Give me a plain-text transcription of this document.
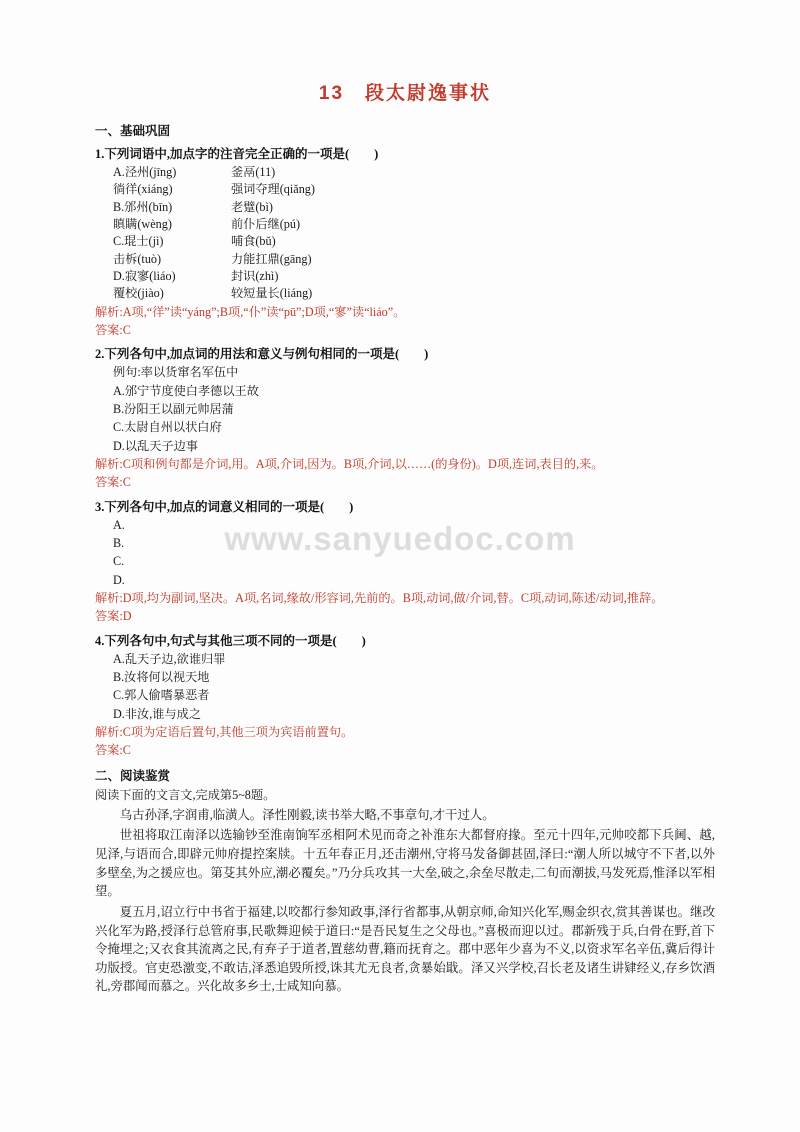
www.sanyuedoc.com
13　段太尉逸事状
一、基础巩固
1.下列词语中,加点字的注音完全正确的一项是(　　)
A.泾州(jīng)	釜鬲(11)
徜徉(xiáng)	强词夺理(qiǎng)
B.邠州(bīn)	老躄(bì)
瞋瞒(wèng)	前仆后继(pú)
C.琨士(jì)	哺食(bǔ)
击柝(tuò)	力能扛鼎(gāng)
D.寂寥(liáo)	封识(zhì)
覆校(jiào)	较短量长(liáng)
解析:A项,“徉”读“yáng”;B项,“仆”读“pū”;D项,“寥”读“liáo”。
答案:C
2.下列各句中,加点词的用法和意义与例句相同的一项是(　　)
例句:率以货窜名军伍中
A.邠宁节度使白孝德以王故
B.汾阳王以副元帅居蒲
C.太尉自州以状白府
D.以乱天子边事
解析:C项和例句都是介词,用。A项,介词,因为。B项,介词,以……(的身份)。D项,连词,表目的,来。
答案:C
3.下列各句中,加点的词意义相同的一项是(　　)
A.
B.
C.
D.
解析:D项,均为副词,坚决。A项,名词,缘故/形容词,先前的。B项,动词,做/介词,替。C项,动词,陈述/动词,推辞。
答案:D
4.下列各句中,句式与其他三项不同的一项是(　　)
A.乱天子边,欲谁归罪
B.汝将何以视天地
C.郭人偷嗜暴恶者
D.非汝,谁与成之
解析:C项为定语后置句,其他三项为宾语前置句。
答案:C
二、阅读鉴赏
阅读下面的文言文,完成第5~8题。
乌古孙泽,字润甫,临潢人。泽性刚毅,读书举大略,不事章句,才干过人。
世祖将取江南泽以选输钞至淮南饷军丞相阿术见而奇之补淮东大都督府掾。至元十四年,元帅咬都下兵阃、越,见泽,与语而合,即辟元帅府提控案牍。十五年春正月,还击潮州,守将马发备御甚固,泽曰:“潮人所以城守不下者,以外多壁垒,为之援应也。第芟其外应,潮必覆矣。”乃分兵攻其一大垒,破之,余垒尽散走,二旬而潮拔,马发死焉,惟泽以军相望。
夏五月,诏立行中书省于福建,以咬都行参知政事,泽行省都事,从朝京师,命知兴化军,赐金织衣,赏其善谋也。继改兴化军为路,授泽行总管府事,民歌舞迎候于道曰:“是吾民复生之父母也。”喜极而迎以过。郡新残于兵,白骨在野,首下令掩埋之;又衣食其流离之民,有弃子于道者,置慈幼曹,籍而抚育之。郡中恶年少喜为不义,以资求军名辛伍,冀后得计功版授。官吏恐激变,不敢诘,泽悉追毁所授,诛其尤无良者,贪暴始戢。泽又兴学校,召长老及诸生讲肄经义,存乡饮酒礼,旁郡闻而慕之。兴化故多乡士,士咸知向慕。
